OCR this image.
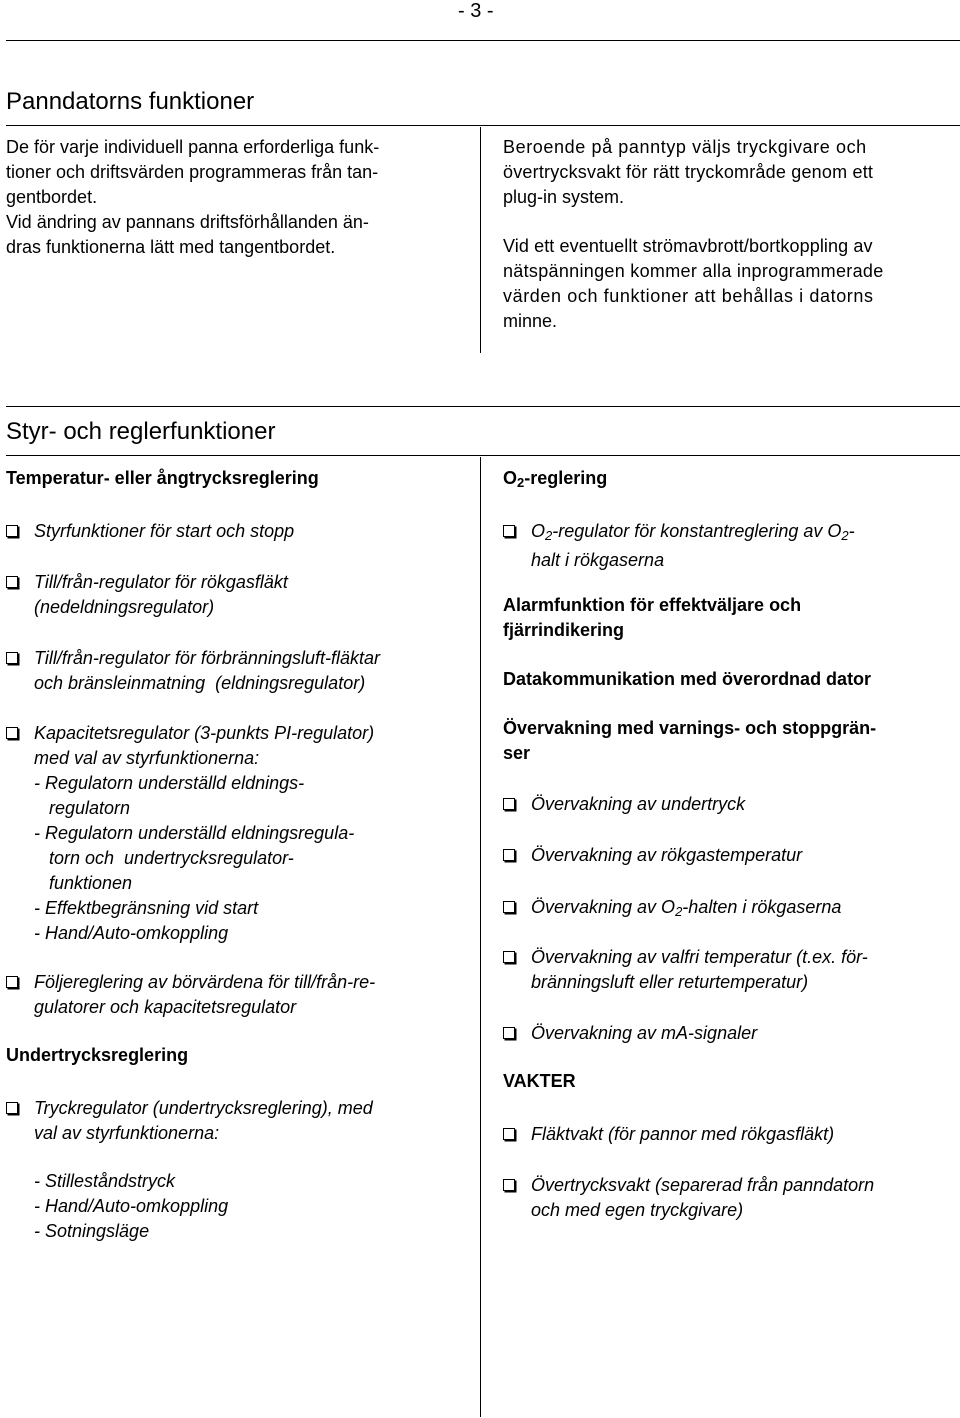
- 3 -
Panndatorns funktioner
De för varje individuell panna erforderliga funk-
tioner och driftsvärden programmeras från tan-
gentbordet.
Vid ändring av pannans driftsförhållanden än-
dras funktionerna lätt med tangentbordet.
Beroende på panntyp väljs tryckgivare och
övertrycksvakt för rätt tryckområde genom ett
plug-in system.
Vid ett eventuellt strömavbrott/bortkoppling av
nätspänningen kommer alla inprogrammerade
värden och funktioner att behållas i datorns
minne.
Styr- och reglerfunktioner
Temperatur- eller ångtrycksreglering
Styrfunktioner för start och stopp
Till/från-regulator för rökgasfläkt
(nedeldningsregulator)
Till/från-regulator för förbränningsluft-fläktar
och bränsleinmatning  (eldningsregulator)
Kapacitetsregulator (3-punkts PI-regulator)
med val av styrfunktionerna:
- Regulatorn underställd eldnings-
regulatorn
- Regulatorn underställd eldningsregula-
torn och  undertrycksregulator-
funktionen
- Effektbegränsning vid start
- Hand/Auto-omkoppling
Följereglering av börvärdena för till/från-re-
gulatorer och kapacitetsregulator
Undertrycksreglering
Tryckregulator (undertrycksreglering), med
val av styrfunktionerna:
- Stilleståndstryck
- Hand/Auto-omkoppling
- Sotningsläge
$O_2$-reglering
$O_2$-regulator för konstantreglering av $O_2-$
halt i rökgaserna
Alarmfunktion för effektväljare och
fjärrindikering
Datakommunikation med överordnad dator
Övervakning med varnings- och stoppgrän-
ser
Övervakning av undertryck
Övervakning av rökgastemperatur
Övervakning av $O_2$-halten i rökgaserna
Övervakning av valfri temperatur (t.ex. för-
bränningsluft eller returtemperatur)
Övervakning av mA-signaler
VAKTER
Fläktvakt (för pannor med rökgasfläkt)
Övertrycksvakt (separerad från panndatorn
och med egen tryckgivare)
